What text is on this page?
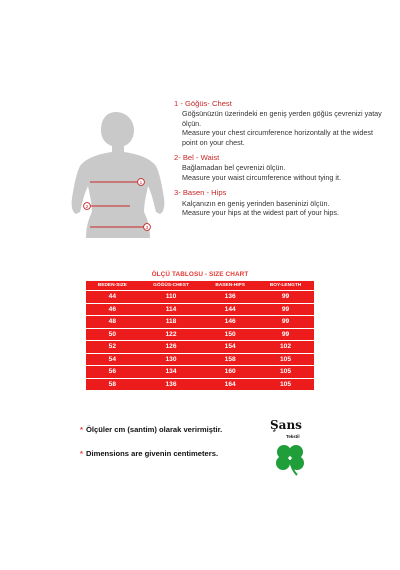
1
2
3
1 - Göğüs- Chest

Göğsünüzün üzerindeki en geniş yerden göğüs çevrenizi yatay ölçün.

Measure your chest circumference horizontally at the widest point on your chest.

2- Bel - Waist

Bağlamadan bel çevrenizi ölçün.

Measure your waist circumference without tying it.

3- Basen - Hips

Kalçanızın en geniş yerinden baseninizi ölçün.

Measure your hips at the widest part of your hips.

ÖLÇÜ TABLOSU - SIZE CHART
BEDEN-SIZE	GÖĞÜS-CHEST	BASEN-HIPS	BOY-LENGTH
44	110	136	99
46	114	144	99
48	118	146	99
50	122	150	99
52	126	154	102
54	130	158	105
56	134	160	105
58	136	164	105
* Ölçüler cm (santim) olarak verirmiştir.
* Dimensions are givenin centimeters.
Şans
Tekstil
